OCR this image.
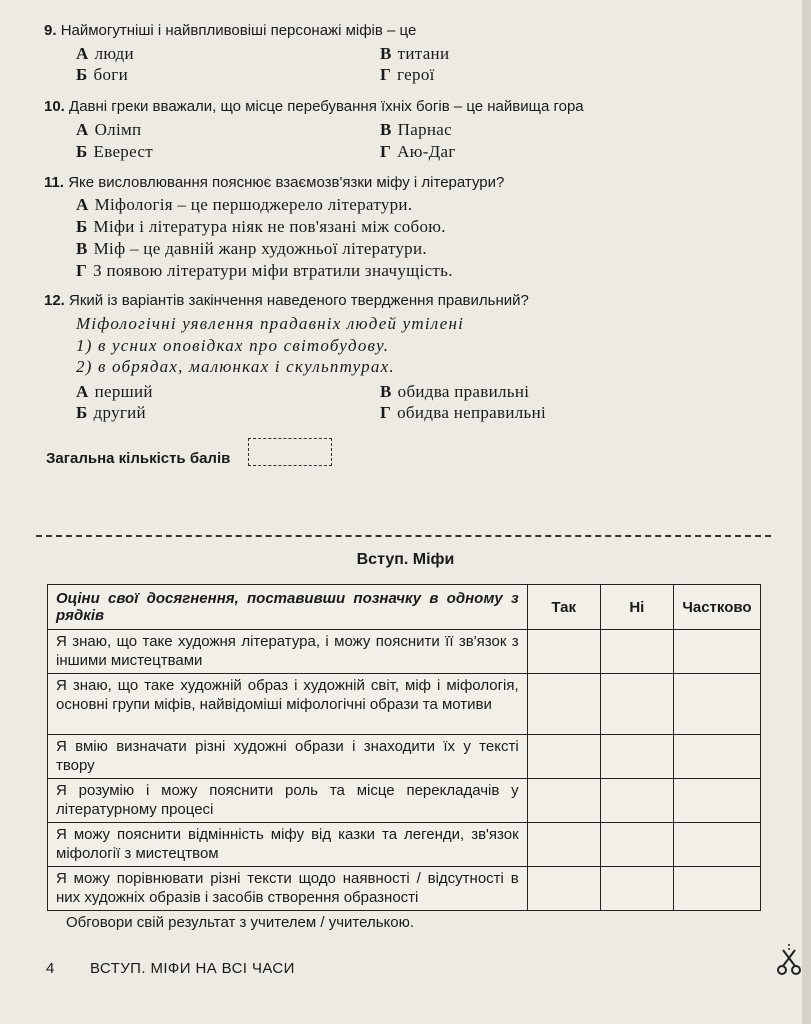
9. Наймогутніші і найвпливовіші персонажі міфів – це
А люди
Б боги
В титани
Г герої
10. Давні греки вважали, що місце перебування їхніх богів – це найвища гора
А Олімп
Б Еверест
В Парнас
Г Аю-Даг
11. Яке висловлювання пояснює взаємозв'язки міфу і літератури?
А Міфологія – це першоджерело літератури.
Б Міфи і література ніяк не пов'язані між собою.
В Міф – це давній жанр художньої літератури.
Г З появою літератури міфи втратили значущість.
12. Який із варіантів закінчення наведеного твердження правильний?
Міфологічні уявлення прадавніх людей утілені
1) в усних оповідках про світобудову.
2) в обрядах, малюнках і скульптурах.
А перший
Б другий
В обидва правильні
Г обидва неправильні
Загальна кількість балів
Вступ. Міфи
Оціни свої досягнення, поставивши позначку в одному з рядків	Так	Ні	Частково
Я знаю, що таке художня література, і можу пояснити її зв'язок з іншими мистецтвами			
Я знаю, що таке художній образ і художній світ, міф і міфологія, основні групи міфів, найвідоміші міфологічні образи та мотиви			
Я вмію визначати різні художні образи і знаходити їх у тексті твору			
Я розумію і можу пояснити роль та місце перекладачів у літературному процесі			
Я можу пояснити відмінність міфу від казки та легенди, зв'язок міфології з мистецтвом			
Я можу порівнювати різні тексти щодо наявності / відсутності в них художніх образів і засобів створення образності			
Обговори свій результат з учителем / учителькою.
4 ВСТУП. МІФИ НА ВСІ ЧАСИ
